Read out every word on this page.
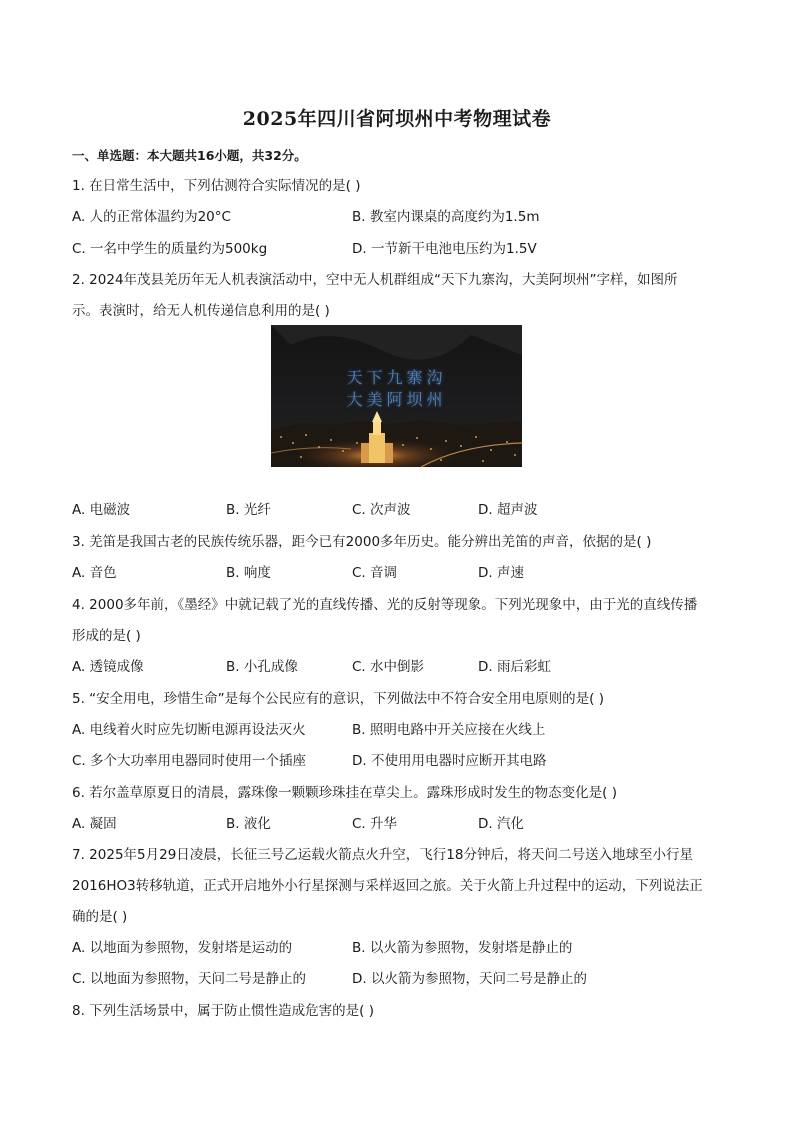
2025年四川省阿坝州中考物理试卷
一、单选题：本大题共16小题，共32分。
1. 在日常生活中，下列估测符合实际情况的是( )
A. 人的正常体温约为20°C	B. 教室内课桌的高度约为1.5m
C. 一名中学生的质量约为500kg	D. 一节新干电池电压约为1.5V
2. 2024年茂县羌历年无人机表演活动中，空中无人机群组成“天下九寨沟，大美阿坝州”字样，如图所
示。表演时，给无人机传递信息利用的是( )
天下九寨沟
大美阿坝州
A. 电磁波	B. 光纤	C. 次声波	D. 超声波
3. 羌笛是我国古老的民族传统乐器，距今已有2000多年历史。能分辨出羌笛的声音，依据的是( )
A. 音色	B. 响度	C. 音调	D. 声速
4. 2000多年前，《墨经》中就记载了光的直线传播、光的反射等现象。下列光现象中，由于光的直线传播
形成的是( )
A. 透镜成像	B. 小孔成像	C. 水中倒影	D. 雨后彩虹
5. “安全用电，珍惜生命”是每个公民应有的意识，下列做法中不符合安全用电原则的是( )
A. 电线着火时应先切断电源再设法灭火	B. 照明电路中开关应接在火线上
C. 多个大功率用电器同时使用一个插座	D. 不使用用电器时应断开其电路
6. 若尔盖草原夏日的清晨，露珠像一颗颗珍珠挂在草尖上。露珠形成时发生的物态变化是( )
A. 凝固	B. 液化	C. 升华	D. 汽化
7. 2025年5月29日凌晨，长征三号乙运载火箭点火升空，飞行18分钟后，将天问二号送入地球至小行星
2016HO3转移轨道，正式开启地外小行星探测与采样返回之旅。关于火箭上升过程中的运动，下列说法正
确的是( )
A. 以地面为参照物，发射塔是运动的	B. 以火箭为参照物，发射塔是静止的
C. 以地面为参照物，天问二号是静止的	D. 以火箭为参照物，天问二号是静止的
8. 下列生活场景中，属于防止惯性造成危害的是( )
